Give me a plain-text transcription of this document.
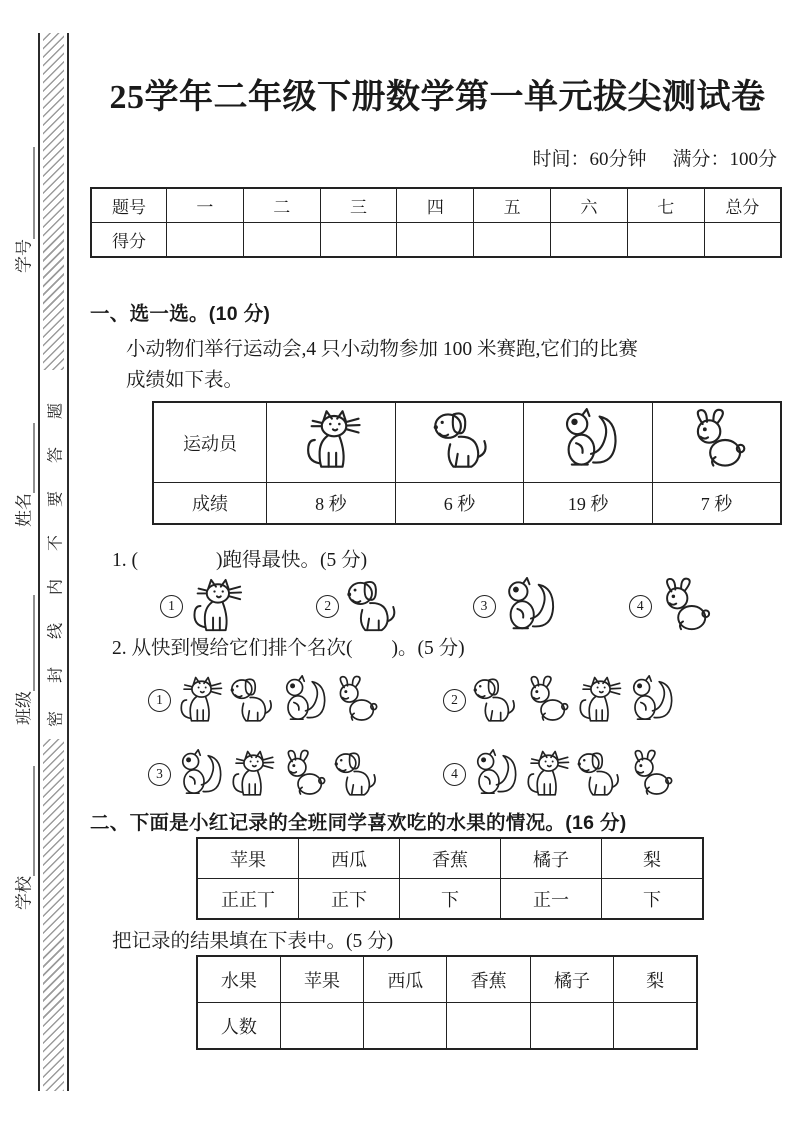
密封线内不要答题
学号
姓名
班级
学校
25学年二年级下册数学第一单元拔尖测试卷
时间：60分钟 满分：100分
题号	一	二	三	四	五	六	七	总分
得分								
一、选一选。(10 分)

小动物们举行运动会,4 只小动物参加 100 米赛跑,它们的比赛

成绩如下表。

运动员	

成绩	8 秒	6 秒	19 秒	7 秒
1. (　　　　)跑得最快。(5 分)
1	2	3	4
2. 从快到慢给它们排个名次(　　)。(5 分)
1	2
3	4
二、下面是小红记录的全班同学喜欢吃的水果的情况。(16 分)
苹果	西瓜	香蕉	橘子	梨
正正丅	正下	下	正一	下
把记录的结果填在下表中。(5 分)
水果	苹果	西瓜	香蕉	橘子	梨
人数					
